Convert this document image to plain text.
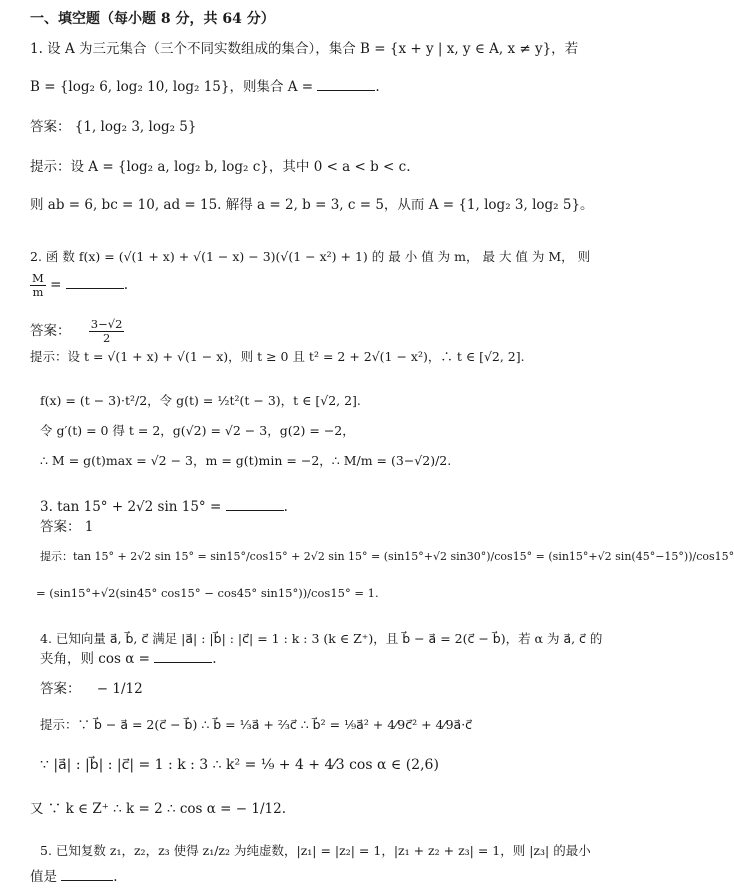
一、填空题（每小题 8 分，共 64 分）
1. 设 A 为三元集合（三个不同实数组成的集合），集合 B = {x + y | x, y ∈ A, x ≠ y}，若
B = {log₂ 6, log₂ 10, log₂ 15}，则集合 A =	.
答案： {1, log₂ 3, log₂ 5}
提示：设 A = {log₂ a, log₂ b, log₂ c}，其中 0 < a < b < c.
则 ab = 6, bc = 10, ad = 15. 解得 a = 2, b = 3, c = 5，从而 A = {1, log₂ 3, log₂ 5}。
2. 函 数 f(x) = (√(1 + x) + √(1 − x) − 3)(√(1 − x²) + 1) 的 最 小 值 为 m， 最 大 值 为 M， 则
$\frac{M}{m}$ =	.
答案： $\frac{3-√2}{2}$
提示：设 t = √(1 + x) + √(1 − x)，则 t ≥ 0 且 t² = 2 + 2√(1 − x²)，∴ t ∈ [√2, 2].
f(x) = (t − 3)·t²/2，令 g(t) = ½t²(t − 3)，t ∈ [√2, 2].
令 g′(t) = 0 得 t = 2，g(√2) = √2 − 3，g(2) = −2，
∴ M = g(t)max = √2 − 3，m = g(t)min = −2，∴ M/m = (3−√2)/2.
3. tan 15° + 2√2 sin 15° =	.
答案： 1
提示：tan 15° + 2√2 sin 15° = sin15°/cos15° + 2√2 sin 15° = (sin15°+√2 sin30°)/cos15° = (sin15°+√2 sin(45°−15°))/cos15°
= (sin15°+√2(sin45° cos15° − cos45° sin15°))/cos15° = 1.
4. 已知向量 a⃗, b⃗, c⃗ 满足 |a⃗| : |b⃗| : |c⃗| = 1 : k : 3 (k ∈ Z⁺)，且 b⃗ − a⃗ = 2(c⃗ − b⃗)，若 α 为 a⃗, c⃗ 的
夹角，则 cos α =	.
答案： − 1/12
提示：∵ b⃗ − a⃗ = 2(c⃗ − b⃗) ∴ b⃗ = ⅓a⃗ + ⅔c⃗ ∴ b⃗² = ⅑a⃗² + 4⁄9c⃗² + 4⁄9a⃗·c⃗
∵ |a⃗| : |b⃗| : |c⃗| = 1 : k : 3 ∴ k² = ⅑ + 4 + 4⁄3 cos α ∈ (2,6)
又 ∵ k ∈ Z⁺ ∴ k = 2 ∴ cos α = − 1/12.
5. 已知复数 z₁，z₂，z₃ 使得 z₁/z₂ 为纯虚数，|z₁| = |z₂| = 1，|z₁ + z₂ + z₃| = 1，则 |z₃| 的最小
值是	.
